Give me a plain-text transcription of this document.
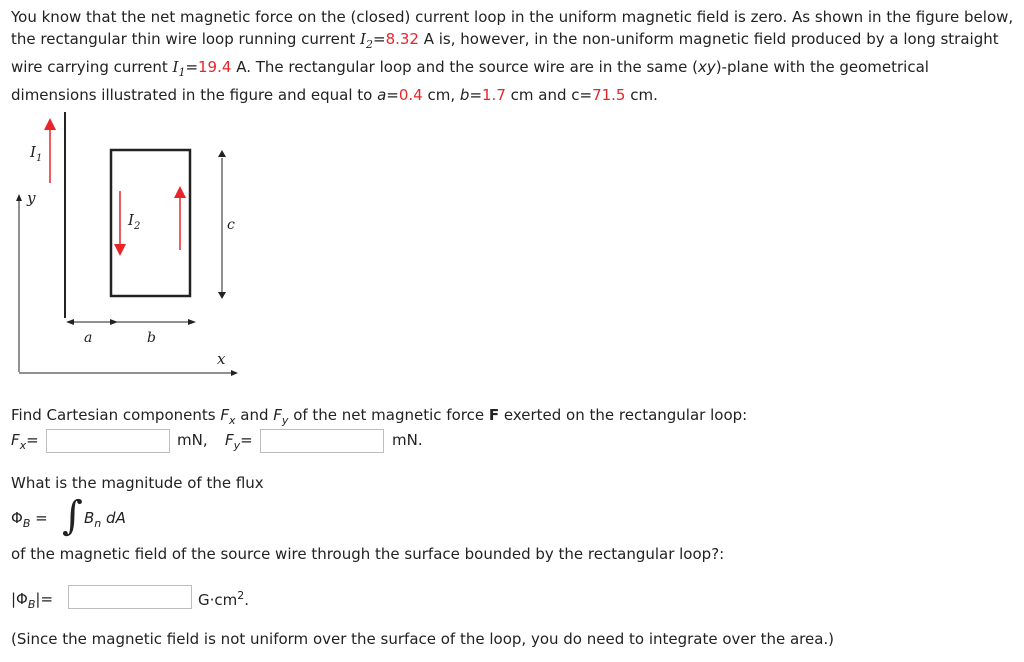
You know that the net magnetic force on the (closed) current loop in the uniform magnetic field is zero. As shown in the figure below, the rectangular thin wire loop running current $I_2=8.32$ A is, however, in the non-uniform magnetic field produced by a long straight wire carrying current $I_1=19.4$ A. The rectangular loop and the source wire are in the same (xy)-plane with the geometrical dimensions illustrated in the figure and equal to a=0.4 cm, b=1.7 cm and c=71.5 cm.

$I_1$
y
$I_2$	c
a	b
x
Find Cartesian components $F_x$ and $F_y$ of the net magnetic force F exerted on the rectangular loop:
$F_x=$	mN, $F_y=$	mN.
What is the magnitude of the flux
$\Phi_B$ = ∫ $B_n$ dA
of the magnetic field of the source wire through the surface bounded by the rectangular loop?:
$|\Phi_B|=$	$G\cdot cm^2$.
(Since the magnetic field is not uniform over the surface of the loop, you do need to integrate over the area.)
